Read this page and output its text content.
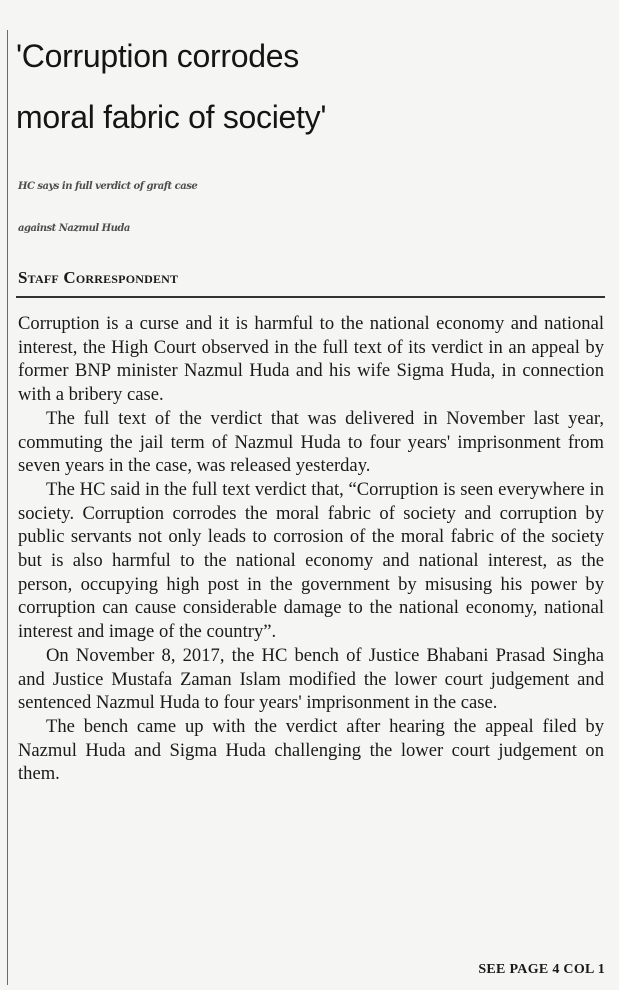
'Corruption corrodes
moral fabric of society'
HC says in full verdict of graft case
against Nazmul Huda
Staff Correspondent

Corruption is a curse and it is harmful to the national economy and national interest, the High Court observed in the full text of its verdict in an appeal by former BNP minister Nazmul Huda and his wife Sigma Huda, in connection with a bribery case.

The full text of the verdict that was delivered in November last year, commuting the jail term of Nazmul Huda to four years' imprisonment from seven years in the case, was released yesterday.

The HC said in the full text verdict that, “Corruption is seen everywhere in society. Corruption corrodes the moral fabric of society and corruption by public servants not only leads to corrosion of the moral fabric of the society but is also harmful to the national economy and national interest, as the person, occupying high post in the government by misusing his power by corruption can cause considerable damage to the national economy, national interest and image of the country”.

On November 8, 2017, the HC bench of Justice Bhabani Prasad Singha and Justice Mustafa Zaman Islam modified the lower court judgement and sentenced Nazmul Huda to four years' imprisonment in the case.

The bench came up with the verdict after hearing the appeal filed by Nazmul Huda and Sigma Huda challenging the lower court judgement on them.

SEE PAGE 4 COL 1
